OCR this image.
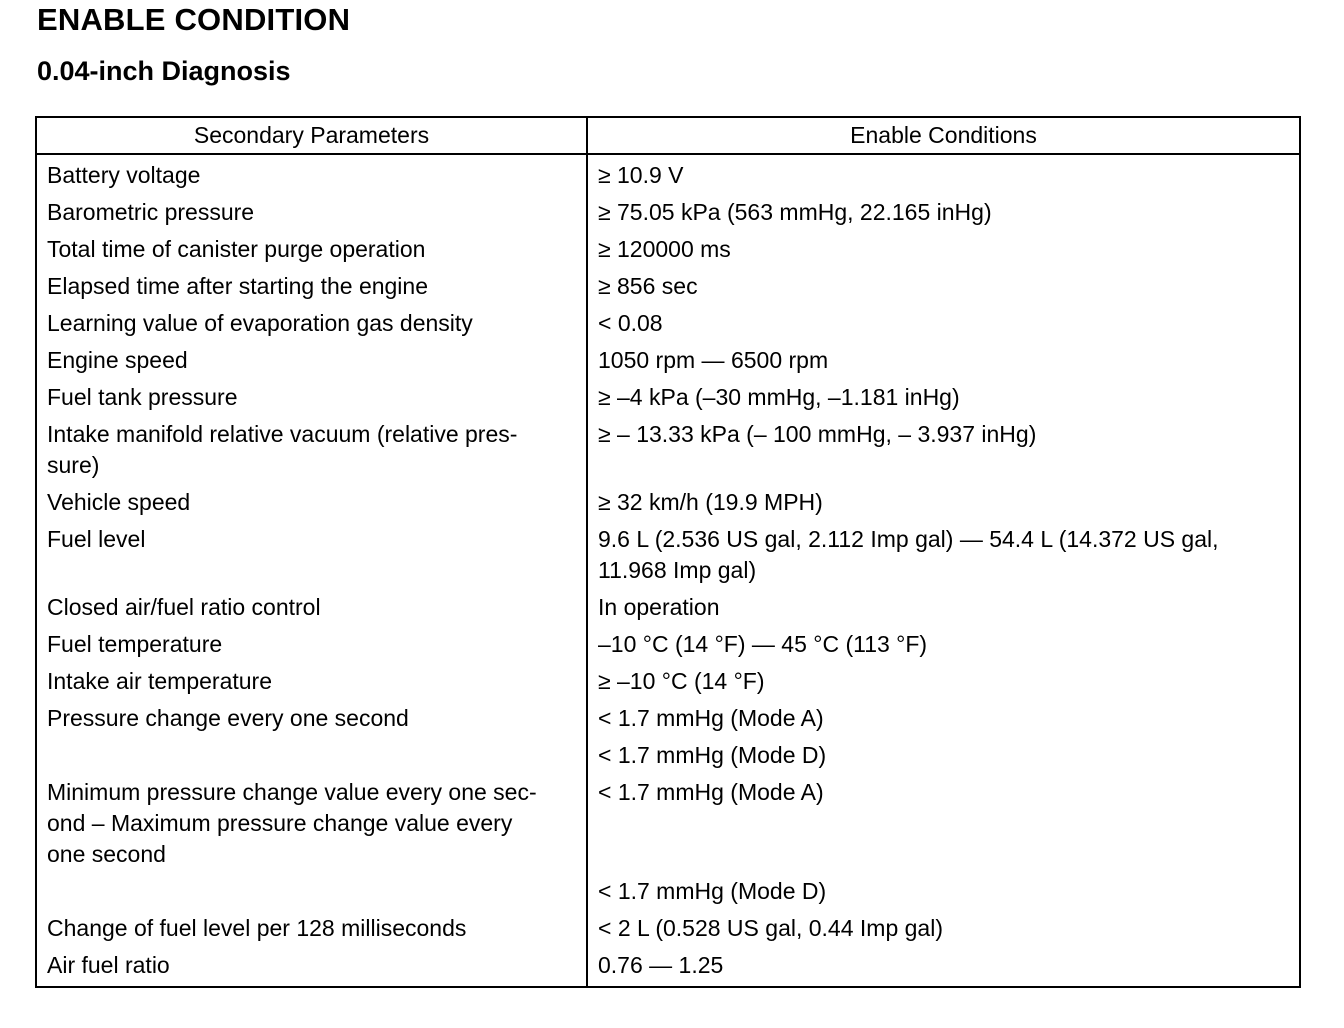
ENABLE CONDITION
0.04-inch Diagnosis
Secondary Parameters	Enable Conditions
Battery voltage	≥ 10.9 V
Barometric pressure	≥ 75.05 kPa (563 mmHg, 22.165 inHg)
Total time of canister purge operation	≥ 120000 ms
Elapsed time after starting the engine	≥ 856 sec
Learning value of evaporation gas density	< 0.08
Engine speed	1050 rpm — 6500 rpm
Fuel tank pressure	≥ –4 kPa (–30 mmHg, –1.181 inHg)
Intake manifold relative vacuum (relative pres-
sure)	≥ – 13.33 kPa (– 100 mmHg, – 3.937 inHg)
Vehicle speed	≥ 32 km/h (19.9 MPH)
Fuel level	9.6 L (2.536 US gal, 2.112 Imp gal) — 54.4 L (14.372 US gal,
11.968 Imp gal)
Closed air/fuel ratio control	In operation
Fuel temperature	–10 °C (14 °F) — 45 °C (113 °F)
Intake air temperature	≥ –10 °C (14 °F)
Pressure change every one second	< 1.7 mmHg (Mode A)
	< 1.7 mmHg (Mode D)
Minimum pressure change value every one sec-
ond – Maximum pressure change value every
one second	< 1.7 mmHg (Mode A)
	< 1.7 mmHg (Mode D)
Change of fuel level per 128 milliseconds	< 2 L (0.528 US gal, 0.44 Imp gal)
Air fuel ratio	0.76 — 1.25
